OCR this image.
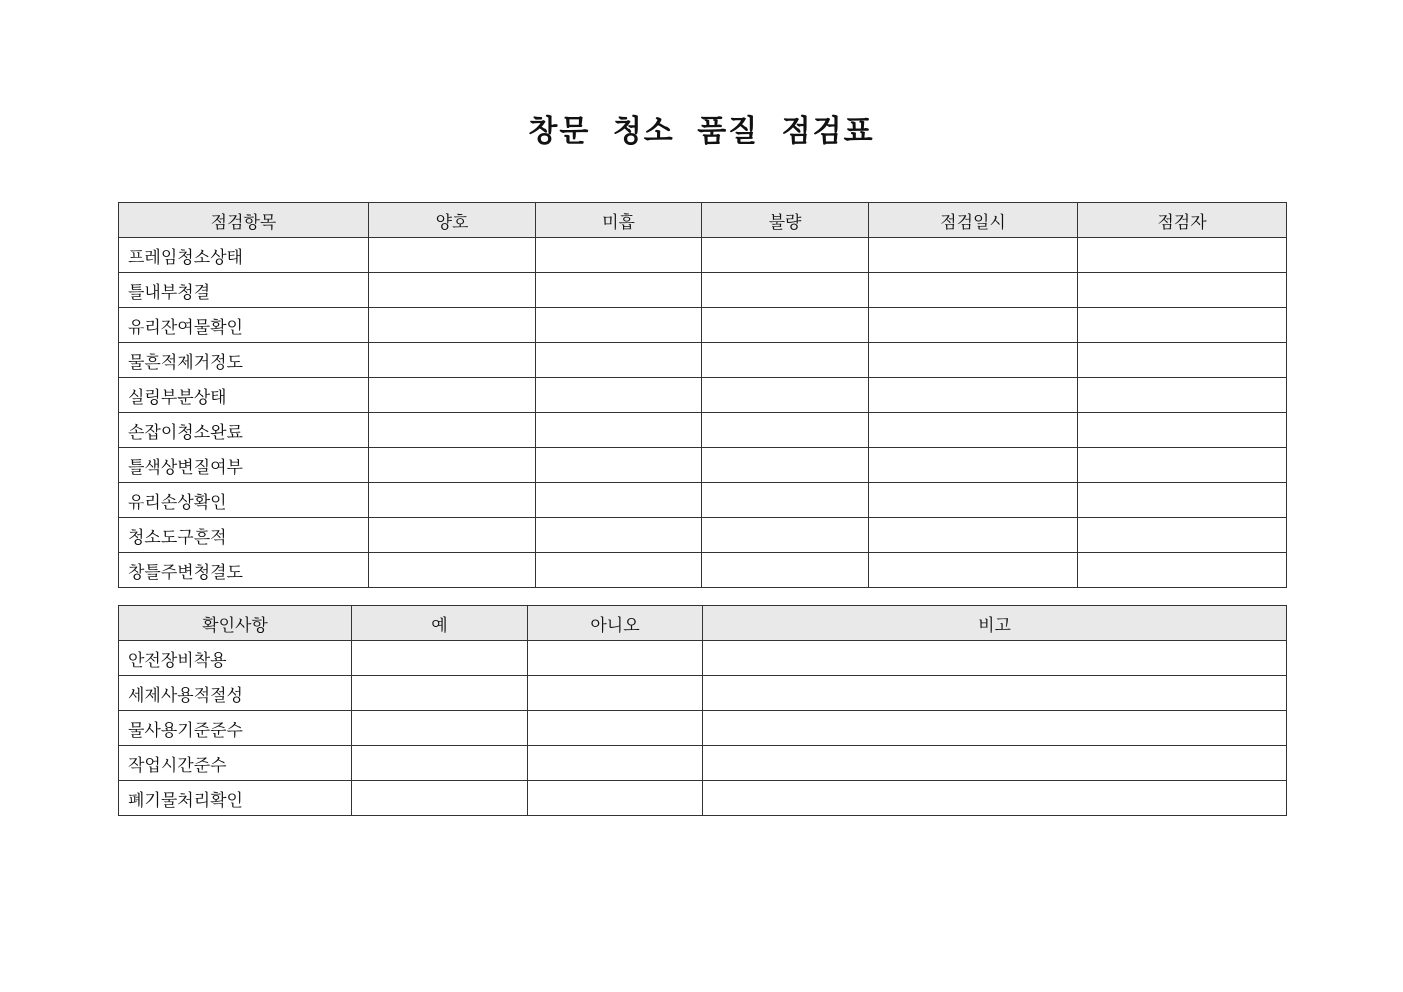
창문 청소 품질 점검표
점검항목	양호	미흡	불량	점검일시	점검자
프레임청소상태					
틀내부청결					
유리잔여물확인					
물흔적제거정도					
실링부분상태					
손잡이청소완료					
틀색상변질여부					
유리손상확인					
청소도구흔적					
창틀주변청결도					
확인사항	예	아니오	비고
안전장비착용			
세제사용적절성			
물사용기준준수			
작업시간준수			
폐기물처리확인			
